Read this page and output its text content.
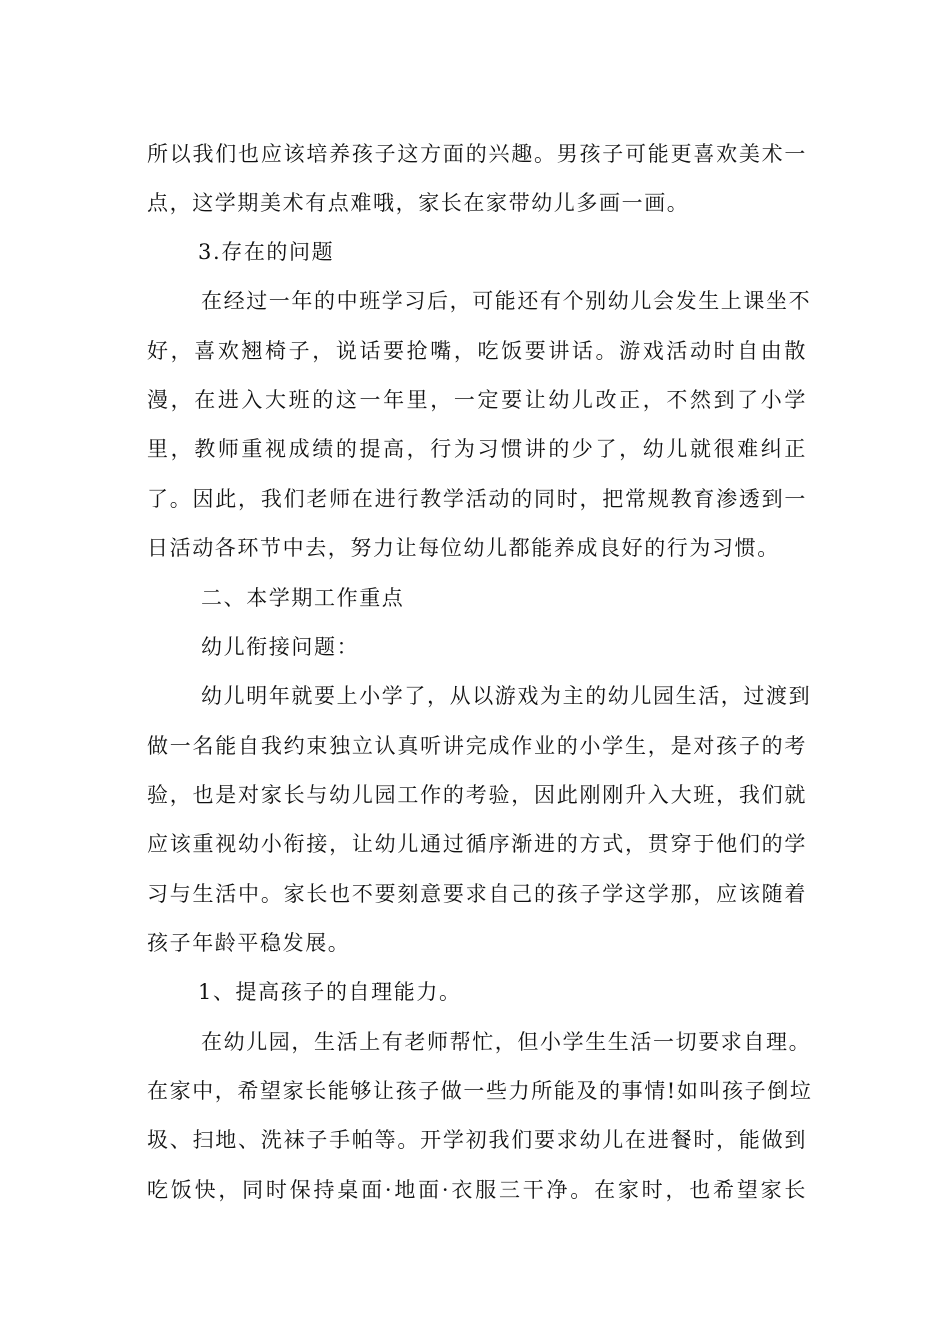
所以我们也应该培养孩子这方面的兴趣。男孩子可能更喜欢美术一
点，这学期美术有点难哦，家长在家带幼儿多画一画。
3.存在的问题
在经过一年的中班学习后，可能还有个别幼儿会发生上课坐不
好，喜欢翘椅子，说话要抢嘴，吃饭要讲话。游戏活动时自由散
漫，在进入大班的这一年里，一定要让幼儿改正，不然到了小学
里，教师重视成绩的提高，行为习惯讲的少了，幼儿就很难纠正
了。因此，我们老师在进行教学活动的同时，把常规教育渗透到一
日活动各环节中去，努力让每位幼儿都能养成良好的行为习惯。
二、本学期工作重点
幼儿衔接问题：
幼儿明年就要上小学了，从以游戏为主的幼儿园生活，过渡到
做一名能自我约束独立认真听讲完成作业的小学生，是对孩子的考
验，也是对家长与幼儿园工作的考验，因此刚刚升入大班，我们就
应该重视幼小衔接，让幼儿通过循序渐进的方式，贯穿于他们的学
习与生活中。家长也不要刻意要求自己的孩子学这学那，应该随着
孩子年龄平稳发展。
1、提高孩子的自理能力。
在幼儿园，生活上有老师帮忙，但小学生生活一切要求自理。
在家中，希望家长能够让孩子做一些力所能及的事情!如叫孩子倒垃
圾、扫地、洗袜子手帕等。开学初我们要求幼儿在进餐时，能做到
吃饭快，同时保持桌面·地面·衣服三干净。在家时，也希望家长
